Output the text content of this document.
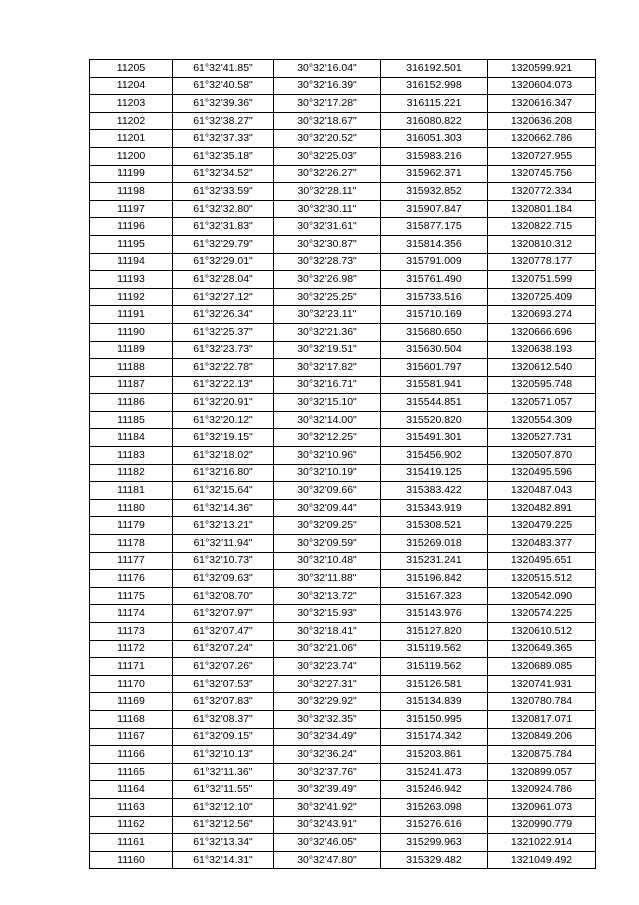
11205	61°32'41.85"	30°32'16.04"	316192.501	1320599.921
11204	61°32'40.58"	30°32'16.39"	316152.998	1320604.073
11203	61°32'39.36"	30°32'17.28"	316115.221	1320616.347
11202	61°32'38.27"	30°32'18.67"	316080.822	1320636.208
11201	61°32'37.33"	30°32'20.52"	316051.303	1320662.786
11200	61°32'35.18"	30°32'25.03"	315983.216	1320727.955
11199	61°32'34.52"	30°32'26.27"	315962.371	1320745.756
11198	61°32'33.59"	30°32'28.11"	315932.852	1320772.334
11197	61°32'32.80"	30°32'30.11"	315907.847	1320801.184
11196	61°32'31.83"	30°32'31.61"	315877.175	1320822.715
11195	61°32'29.79"	30°32'30.87"	315814.356	1320810.312
11194	61°32'29.01"	30°32'28.73"	315791.009	1320778.177
11193	61°32'28.04"	30°32'26.98"	315761.490	1320751.599
11192	61°32'27.12"	30°32'25.25"	315733.516	1320725.409
11191	61°32'26.34"	30°32'23.11"	315710.169	1320693.274
11190	61°32'25.37"	30°32'21.36"	315680.650	1320666.696
11189	61°32'23.73"	30°32'19.51"	315630.504	1320638.193
11188	61°32'22.78"	30°32'17.82"	315601.797	1320612.540
11187	61°32'22.13"	30°32'16.71"	315581.941	1320595.748
11186	61°32'20.91"	30°32'15.10"	315544.851	1320571.057
11185	61°32'20.12"	30°32'14.00"	315520.820	1320554.309
11184	61°32'19.15"	30°32'12.25"	315491.301	1320527.731
11183	61°32'18.02"	30°32'10.96"	315456.902	1320507.870
11182	61°32'16.80"	30°32'10.19"	315419.125	1320495.596
11181	61°32'15.64"	30°32'09.66"	315383.422	1320487.043
11180	61°32'14.36"	30°32'09.44"	315343.919	1320482.891
11179	61°32'13.21"	30°32'09.25"	315308.521	1320479.225
11178	61°32'11.94"	30°32'09.59"	315269.018	1320483.377
11177	61°32'10.73"	30°32'10.48"	315231.241	1320495.651
11176	61°32'09.63"	30°32'11.88"	315196.842	1320515.512
11175	61°32'08.70"	30°32'13.72"	315167.323	1320542.090
11174	61°32'07.97"	30°32'15.93"	315143.976	1320574.225
11173	61°32'07.47"	30°32'18.41"	315127.820	1320610.512
11172	61°32'07.24"	30°32'21.06"	315119.562	1320649.365
11171	61°32'07.26"	30°32'23.74"	315119.562	1320689.085
11170	61°32'07.53"	30°32'27.31"	315126.581	1320741.931
11169	61°32'07.83"	30°32'29.92"	315134.839	1320780.784
11168	61°32'08.37"	30°32'32.35"	315150.995	1320817.071
11167	61°32'09.15"	30°32'34.49"	315174.342	1320849.206
11166	61°32'10.13"	30°32'36.24"	315203.861	1320875.784
11165	61°32'11.36"	30°32'37.76"	315241.473	1320899.057
11164	61°32'11.55"	30°32'39.49"	315246.942	1320924.786
11163	61°32'12.10"	30°32'41.92"	315263.098	1320961.073
11162	61°32'12.56"	30°32'43.91"	315276.616	1320990.779
11161	61°32'13.34"	30°32'46.05"	315299.963	1321022.914
11160	61°32'14.31"	30°32'47.80"	315329.482	1321049.492
